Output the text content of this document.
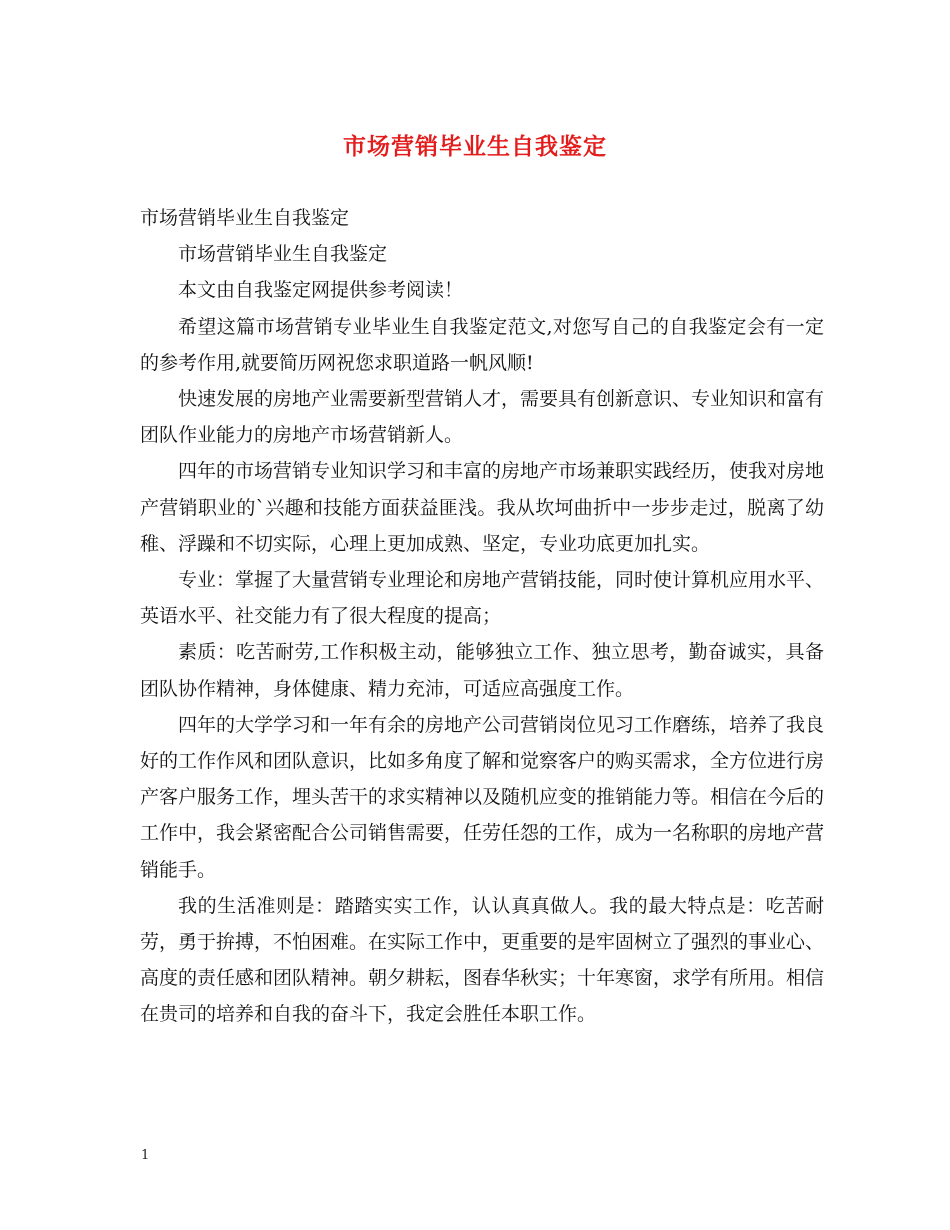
市场营销毕业生自我鉴定

市场营销毕业生自我鉴定

市场营销毕业生自我鉴定

本文由自我鉴定网提供参考阅读！

希望这篇市场营销专业毕业生自我鉴定范文,对您写自己的自我鉴定会有一定的参考作用,就要简历网祝您求职道路一帆风顺!

快速发展的房地产业需要新型营销人才，需要具有创新意识、专业知识和富有团队作业能力的房地产市场营销新人。

四年的市场营销专业知识学习和丰富的房地产市场兼职实践经历，使我对房地产营销职业的`兴趣和技能方面获益匪浅。我从坎坷曲折中一步步走过，脱离了幼稚、浮躁和不切实际，心理上更加成熟、坚定，专业功底更加扎实。

专业：掌握了大量营销专业理论和房地产营销技能，同时使计算机应用水平、英语水平、社交能力有了很大程度的提高；

素质：吃苦耐劳,工作积极主动，能够独立工作、独立思考，勤奋诚实，具备团队协作精神，身体健康、精力充沛，可适应高强度工作。

四年的大学学习和一年有余的房地产公司营销岗位见习工作磨练，培养了我良好的工作作风和团队意识，比如多角度了解和觉察客户的购买需求，全方位进行房产客户服务工作，埋头苦干的求实精神以及随机应变的推销能力等。相信在今后的工作中，我会紧密配合公司销售需要，任劳任怨的工作，成为一名称职的房地产营销能手。

我的生活准则是：踏踏实实工作，认认真真做人。我的最大特点是：吃苦耐劳，勇于拚搏，不怕困难。在实际工作中，更重要的是牢固树立了强烈的事业心、高度的责任感和团队精神。朝夕耕耘，图春华秋实；十年寒窗，求学有所用。相信在贵司的培养和自我的奋斗下，我定会胜任本职工作。

1
